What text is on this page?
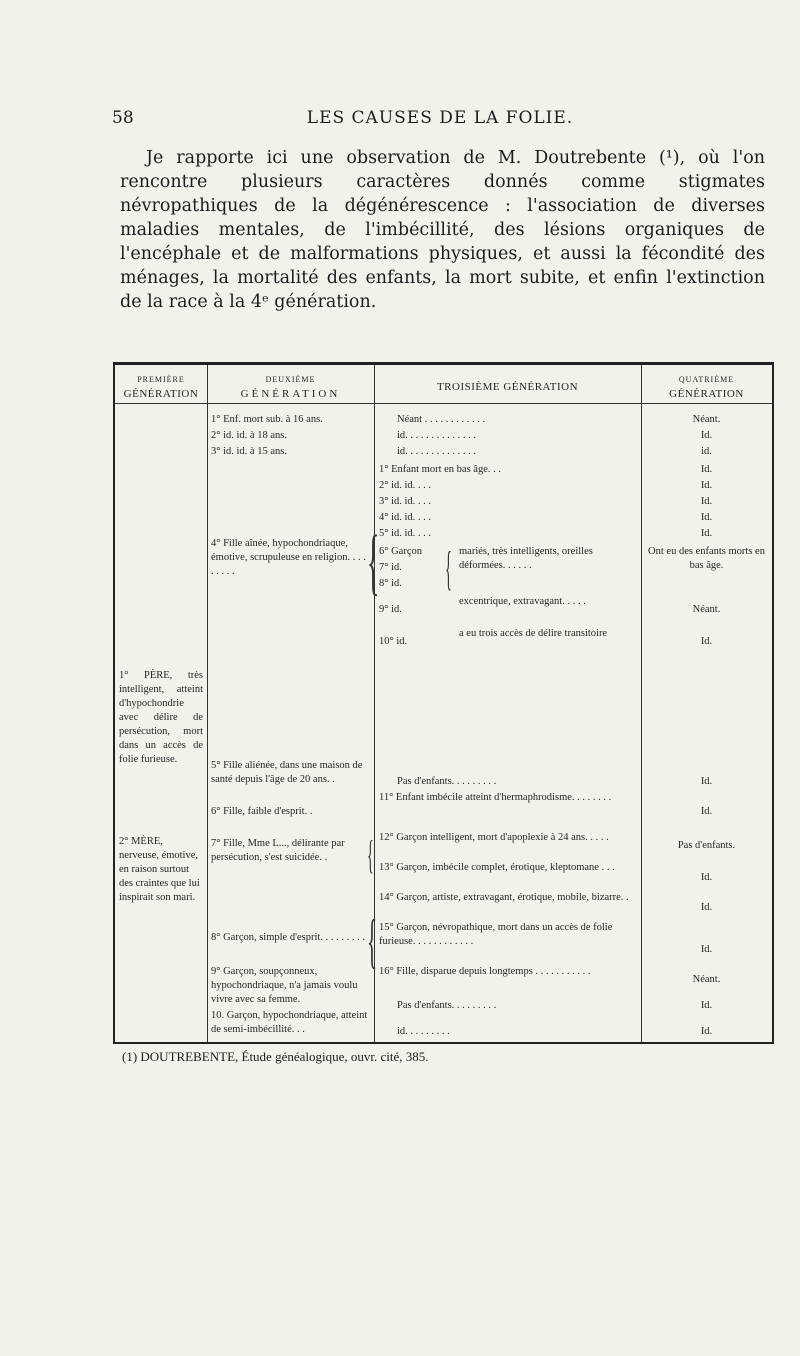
58	LES CAUSES DE LA FOLIE.

Je rapporte ici une observation de M. Doutrebente (¹), où l'on rencontre plusieurs caractères donnés comme stigmates névropathiques de la dégénérescence : l'association de diverses maladies mentales, de l'imbécillité, des lésions organiques de l'encéphale et de malformations physiques, et aussi la fécondité des ménages, la mortalité des enfants, la mort subite, et enfin l'extinction de la race à la 4ᵉ génération.

PREMIÈRE
GÉNÉRATION
DEUXIÈME
GÉNÉRATION
TROISIÈME GÉNÉRATION
QUATRIÈME
GÉNÉRATION
1° PÈRE, très intelligent, atteint d'hypochondrie avec délire de persécution, mort dans un accès de folie furieuse.
2° MÈRE, nerveuse, émotive, en raison surtout des craintes que lui inspirait son mari.
1° Enf. mort sub. à 16 ans.
2° id. id. à 18 ans.
3° id. id. à 15 ans.
4° Fille aînée, hypochondriaque, émotive, scrupuleuse en religion. . . . . . . . .
5° Fille aliénée, dans une maison de santé depuis l'âge de 20 ans. .
6° Fille, faible d'esprit. .
7° Fille, Mme L..., délirante par persécution, s'est suicidée. .
8° Garçon, simple d'esprit. . . . . . . . .
9° Garçon, soupçonneux, hypochondriaque, n'a jamais voulu vivre avec sa femme.
10. Garçon, hypochondriaque, atteint de semi-imbécillité. . .
{
{
{
Néant . . . . . . . . . . . .
id. . . . . . . . . . . . . .
id. . . . . . . . . . . . . .
1° Enfant mort en bas âge. . .
2° id. id. . . .
3° id. id. . . .
4° id. id. . . .
5° id. id. . . .
6° Garçon
7° id.
8° id. { mariés, très intelligents, oreilles déformées. . . . . .
9° id.
excentrique, extravagant. . . . .
10° id.
a eu trois accès de délire transitoire
Pas d'enfants. . . . . . . . .
11° Enfant imbécile atteint d'hermaphrodisme. . . . . . . .
12° Garçon intelligent, mort d'apoplexie à 24 ans. . . . .
13° Garçon, imbécile complet, érotique, kleptomane . . .
14° Garçon, artiste, extravagant, érotique, mobile, bizarre. .
15° Garçon, névropathique, mort dans un accès de folie furieuse. . . . . . . . . . . .
16° Fille, disparue depuis longtemps . . . . . . . . . . .
Pas d'enfants. . . . . . . . .
id. . . . . . . . .
Néant.
Id.
id.
Id.
Id.
Id.
Id.
Id.
Ont eu des enfants morts en bas âge.
Néant.
Id.
Id.
Id.
Pas d'enfants.
Id.
Id.
Id.
Néant.
Id.
Id.
(1) DOUTREBENTE, Étude généalogique, ouvr. cité, 385.
